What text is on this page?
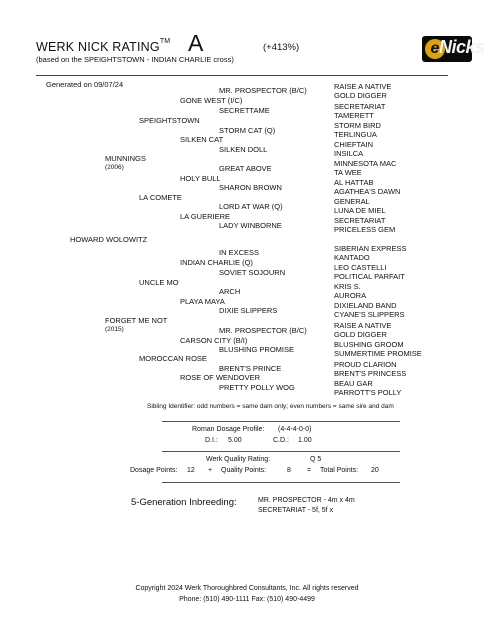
WERK NICK RATING™ A	(+413%)
(based on the SPEIGHTSTOWN - INDIAN CHARLIE cross)
e Nicks
Generated on 09/07/24
MR. PROSPECTOR (B/C)	RAISE A NATIVE
GOLD DIGGER
GONE WEST (I/C)
SECRETTAME	SECRETARIAT
TAMERETT
SPEIGHTSTOWN
STORM CAT (Q)
STORM BIRD
TERLINGUA
SILKEN CAT
SILKEN DOLL
CHIEFTAIN
INSILCA
MUNNINGS
(2006)	GREAT ABOVE
MINNESOTA MAC
TA WEE
HOLY BULL
SHARON BROWN
AL HATTAB
AGATHEA'S DAWN
LA COMETE
LORD AT WAR (Q)
GENERAL
LUNA DE MIEL
LA GUERIERE
LADY WINBORNE
SECRETARIAT
PRICELESS GEM
HOWARD WOLOWITZ
IN EXCESS	SIBERIAN EXPRESS
KANTADO
INDIAN CHARLIE (Q)
SOVIET SOJOURN
LEO CASTELLI
POLITICAL PARFAIT
UNCLE MO
ARCH
KRIS S.
AURORA
PLAYA MAYA
DIXIE SLIPPERS
DIXIELAND BAND
CYANE'S SLIPPERS
FORGET ME NOT
(2015)	MR. PROSPECTOR (B/C)
RAISE A NATIVE
GOLD DIGGER
CARSON CITY (B/I)
BLUSHING PROMISE
BLUSHING GROOM
SUMMERTIME PROMISE
MOROCCAN ROSE
BRENT'S PRINCE	PROUD CLARION
BRENT'S PRINCESS
ROSE OF WENDOVER
PRETTY POLLY WOG	BEAU GAR
PARROTT'S POLLY
Sibling Identifier: odd numbers = same dam only; even numbers = same sire and dam
Roman Dosage Profile: (4-4-4-0-0)
D.I.: 5.00	C.D.: 1.00
Werk Quality Rating:	Q 5
Dosage Points: 12 + Quality Points:	8 = Total Points: 20
5-Generation Inbreeding:	MR. PROSPECTOR - 4m x 4m
SECRETARIAT - 5f, 5f x
Copyright 2024 Werk Thoroughbred Consultants, Inc. All rights reserved
Phone: (510) 490-1111 Fax: (510) 490-4499
